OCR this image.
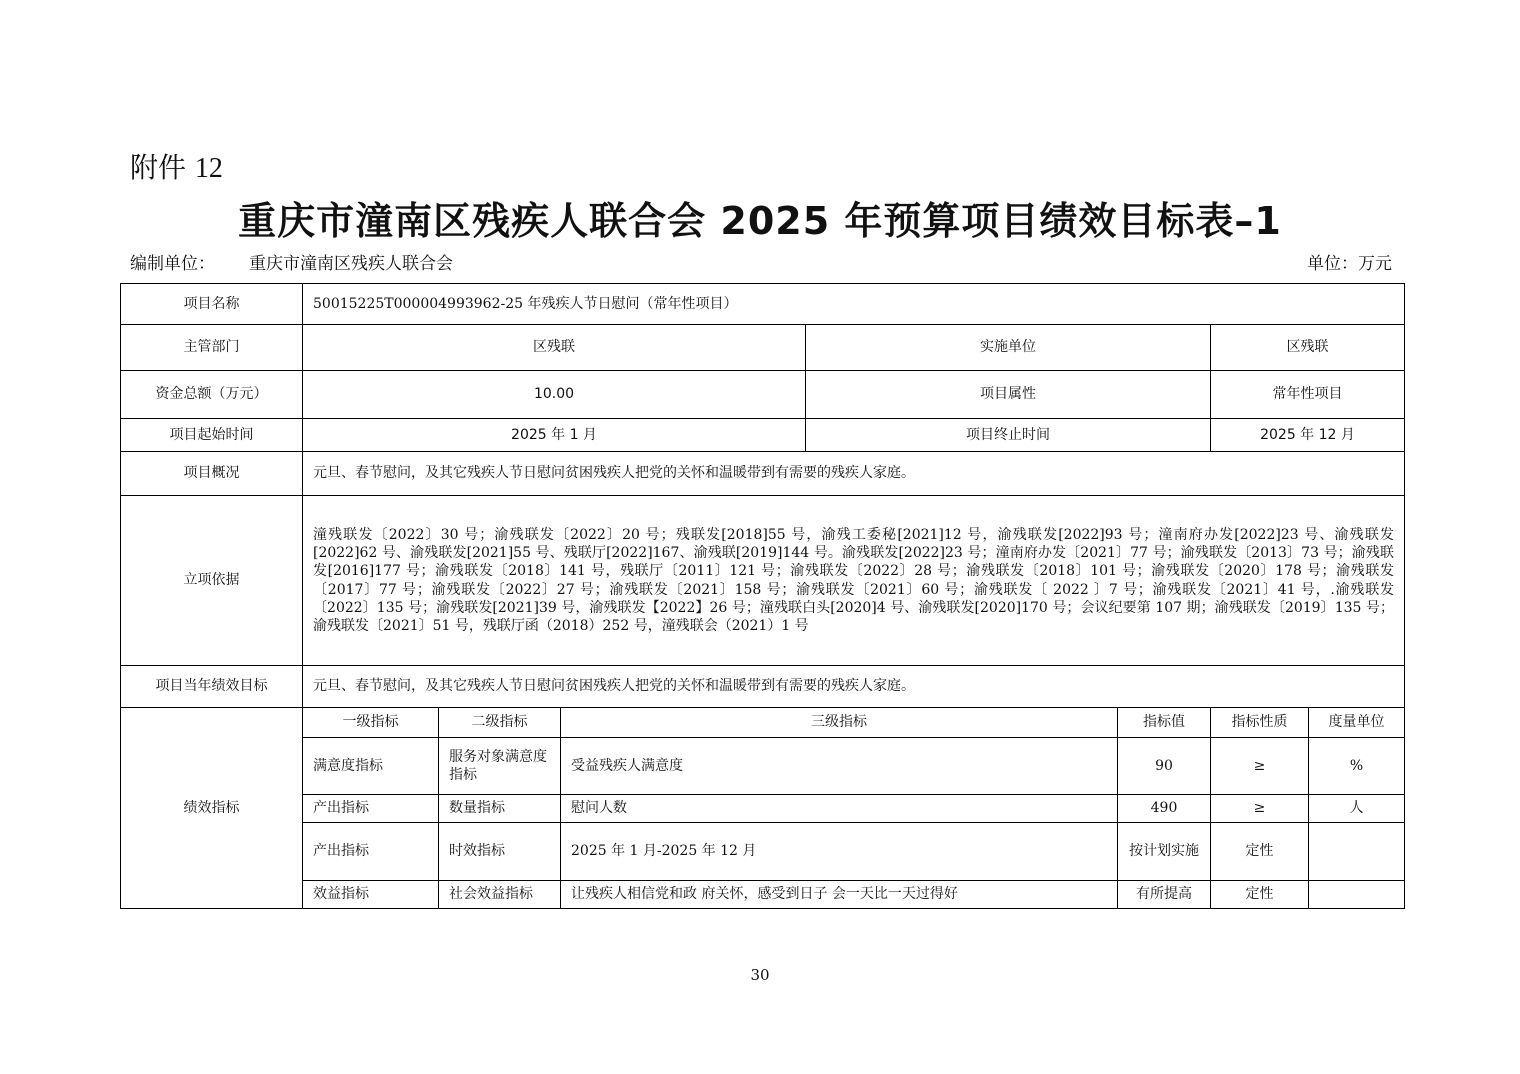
附件 12
重庆市潼南区残疾人联合会 2025 年预算项目绩效目标表–1
编制单位： 重庆市潼南区残疾人联合会	单位：万元
项目名称	50015225T000004993962-25 年残疾人节日慰问（常年性项目）						
主管部门	区残联			实施单位		区残联	
资金总额（万元）	10.00			项目属性		常年性项目	
项目起始时间	2025 年 1 月			项目终止时间		2025 年 12 月	
项目概况	元旦、春节慰问，及其它残疾人节日慰问贫困残疾人把党的关怀和温暖带到有需要的残疾人家庭。						
立项依据	潼残联发〔2022〕30 号；渝残联发〔2022〕20 号；残联发[2018]55 号，渝残工委秘[2021]12 号，渝残联发[2022]93 号；潼南府办发[2022]23 号、渝残联发[2022]62 号、渝残联发[2021]55 号、残联厅[2022]167、渝残联[2019]144 号。渝残联发[2022]23 号；潼南府办发〔2021〕77 号；渝残联发〔2013〕73 号；渝残联发[2016]177 号；渝残联发〔2018〕141 号，残联厅〔2011〕121 号；渝残联发〔2022〕28 号；渝残联发〔2018〕101 号；渝残联发〔2020〕178 号；渝残联发〔2017〕77 号；渝残联发〔2022〕27 号；渝残联发〔2021〕158 号；渝残联发〔2021〕60 号；渝残联发〔 2022 〕7 号；渝残联发〔2021〕41 号，.渝残联发〔2022〕135 号；渝残联发[2021]39 号，渝残联发【2022】26 号；潼残联白头[2020]4 号、渝残联发[2020]170 号；会议纪要第 107 期；渝残联发〔2019〕135 号；渝残联发〔2021〕51 号，残联厅函（2018）252 号，潼残联会（2021）1 号						
项目当年绩效目标	元旦、春节慰问，及其它残疾人节日慰问贫困残疾人把党的关怀和温暖带到有需要的残疾人家庭。						
绩效指标	一级指标	二级指标	三级指标		指标值	指标性质	度量单位
	满意度指标	服务对象满意度指标	受益残疾人满意度		90	≥	%
	产出指标	数量指标	慰问人数		490	≥	人
	产出指标	时效指标	2025 年 1 月-2025 年 12 月		按计划实施	定性	
	效益指标	社会效益指标	让残疾人相信党和政 府关怀，感受到日子 会一天比一天过得好		有所提高	定性	
30
